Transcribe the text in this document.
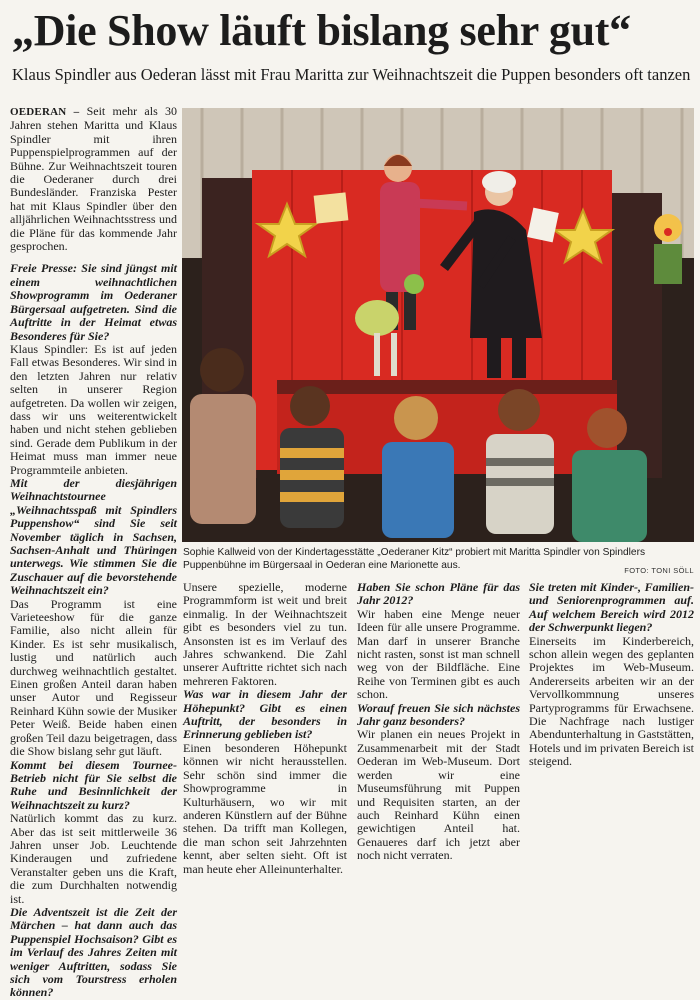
„Die Show läuft bislang sehr gut“
Klaus Spindler aus Oederan lässt mit Frau Maritta zur Weihnachtszeit die Puppen besonders oft tanzen

OEDERAN – Seit mehr als 30 Jahren stehen Maritta und Klaus Spindler mit ihren Puppenspielprogrammen auf der Bühne. Zur Weihnachtszeit touren die Oederaner durch drei Bundesländer. Franziska Pester hat mit Klaus Spindler über den alljährlichen Weihnachtsstress und die Pläne für das kommende Jahr gesprochen.

Freie Presse: Sie sind jüngst mit einem weihnachtlichen Showprogramm im Oederaner Bürgersaal aufgetreten. Sind die Auftritte in der Heimat etwas Besonderes für Sie?

Klaus Spindler: Es ist auf jeden Fall etwas Besonderes. Wir sind in den letzten Jahren nur relativ selten in unserer Region aufgetreten. Da wollen wir zeigen, dass wir uns weiterentwickelt haben und nicht stehen geblieben sind. Gerade dem Publikum in der Heimat muss man immer neue Programmteile anbieten.

Mit der diesjährigen Weihnachtstournee „Weihnachtsspaß mit Spindlers Puppenshow“ sind Sie seit November täglich in Sachsen, Sachsen-Anhalt und Thüringen unterwegs. Wie stimmen Sie die Zuschauer auf die bevorstehende Weihnachtszeit ein?

Das Programm ist eine Varieteeshow für die ganze Familie, also nicht allein für Kinder. Es ist sehr musikalisch, lustig und natürlich auch durchweg weihnachtlich gestaltet. Einen großen Anteil daran haben unser Autor und Regisseur Reinhard Kühn sowie der Musiker Peter Weiß. Beide haben einen großen Teil dazu beigetragen, dass die Show bislang sehr gut läuft.

Kommt bei diesem Tournee-Betrieb nicht für Sie selbst die Ruhe und Besinnlichkeit der Weihnachtszeit zu kurz?

Natürlich kommt das zu kurz. Aber das ist seit mittlerweile 36 Jahren unser Job. Leuchtende Kinderaugen und zufriedene Veranstalter geben uns die Kraft, die zum Durchhalten notwendig ist.

Die Adventszeit ist die Zeit der Märchen – hat dann auch das Puppenspiel Hochsaison? Gibt es im Verlauf des Jahres Zeiten mit weniger Auftritten, sodass Sie sich vom Tourstress erholen können?

Sophie Kallweid von der Kindertagesstätte „Oederaner Kitz“ probiert mit Maritta Spindler von Spindlers Puppenbühne im Bürgersaal in Oederan eine Marionette aus.	FOTO: TONI SÖLL

Unsere spezielle, moderne Programmform ist weit und breit einmalig. In der Weihnachtszeit gibt es besonders viel zu tun. Ansonsten ist es im Verlauf des Jahres schwankend. Die Zahl unserer Auftritte richtet sich nach mehreren Faktoren.

Was war in diesem Jahr der Höhepunkt? Gibt es einen Auftritt, der besonders in Erinnerung geblieben ist?

Einen besonderen Höhepunkt können wir nicht herausstellen. Sehr schön sind immer die Showprogramme in Kulturhäusern, wo wir mit anderen Künstlern auf der Bühne stehen. Da trifft man Kollegen, die man schon seit Jahrzehnten kennt, aber selten sieht. Oft ist man heute eher Alleinunterhalter.

Haben Sie schon Pläne für das Jahr 2012?

Wir haben eine Menge neuer Ideen für alle unsere Programme. Man darf in unserer Branche nicht rasten, sonst ist man schnell weg von der Bildfläche. Eine Reihe von Terminen gibt es auch schon.

Worauf freuen Sie sich nächstes Jahr ganz besonders?

Wir planen ein neues Projekt in Zusammenarbeit mit der Stadt Oederan im Web-Museum. Dort werden wir eine Museumsführung mit Puppen und Requisiten starten, an der auch Reinhard Kühn einen gewichtigen Anteil hat. Genaueres darf ich jetzt aber noch nicht verraten.

Sie treten mit Kinder-, Familien- und Seniorenprogrammen auf. Auf welchem Bereich wird 2012 der Schwerpunkt liegen?

Einerseits im Kinderbereich, schon allein wegen des geplanten Projektes im Web-Museum. Andererseits arbeiten wir an der Vervollkommnung unseres Partyprogramms für Erwachsene. Die Nachfrage nach lustiger Abendunterhaltung in Gaststätten, Hotels und im privaten Bereich ist steigend.
